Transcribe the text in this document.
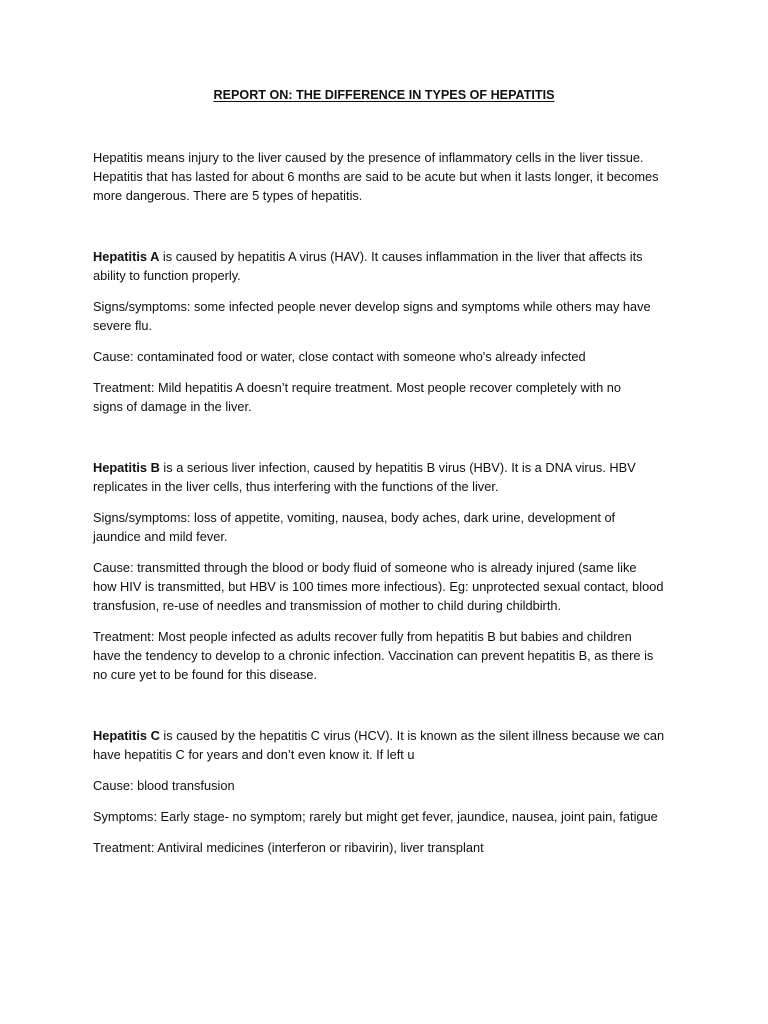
REPORT ON: THE DIFFERENCE IN TYPES OF HEPATITIS
Hepatitis means injury to the liver caused by the presence of inflammatory cells in the liver tissue.
Hepatitis that has lasted for about 6 months are said to be acute but when it lasts longer, it becomes
more dangerous. There are 5 types of hepatitis.
Hepatitis A is caused by hepatitis A virus (HAV). It causes inflammation in the liver that affects its
ability to function properly.
Signs/symptoms: some infected people never develop signs and symptoms while others may have
severe flu.
Cause: contaminated food or water, close contact with someone who's already infected
Treatment: Mild hepatitis A doesn’t require treatment. Most people recover completely with no
signs of damage in the liver.
Hepatitis B is a serious liver infection, caused by hepatitis B virus (HBV). It is a DNA virus. HBV
replicates in the liver cells, thus interfering with the functions of the liver.
Signs/symptoms: loss of appetite, vomiting, nausea, body aches, dark urine, development of
jaundice and mild fever.
Cause: transmitted through the blood or body fluid of someone who is already injured (same like
how HIV is transmitted, but HBV is 100 times more infectious). Eg: unprotected sexual contact, blood
transfusion, re-use of needles and transmission of mother to child during childbirth.
Treatment: Most people infected as adults recover fully from hepatitis B but babies and children
have the tendency to develop to a chronic infection. Vaccination can prevent hepatitis B, as there is
no cure yet to be found for this disease.
Hepatitis C is caused by the hepatitis C virus (HCV). It is known as the silent illness because we can
have hepatitis C for years and don’t even know it. If left u
Cause: blood transfusion
Symptoms: Early stage- no symptom; rarely but might get fever, jaundice, nausea, joint pain, fatigue
Treatment: Antiviral medicines (interferon or ribavirin), liver transplant
